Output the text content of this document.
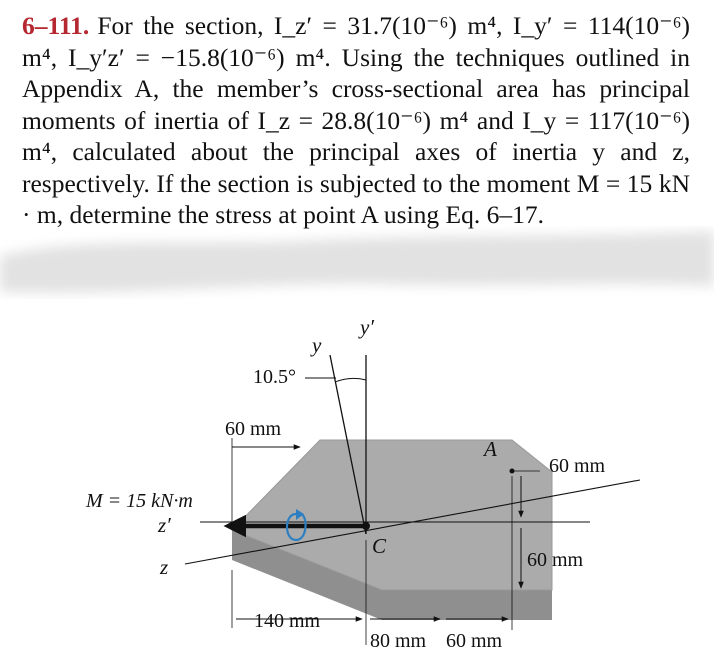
6–111. For the section, I_z′ = 31.7(10⁻⁶) m⁴, I_y′ = 114(10⁻⁶) m⁴, I_y′z′ = −15.8(10⁻⁶) m⁴. Using the techniques outlined in Appendix A, the member’s cross-sectional area has principal moments of inertia of I_z = 28.8(10⁻⁶) m⁴ and I_y = 117(10⁻⁶) m⁴, calculated about the principal axes of inertia y and z, respectively. If the section is subjected to the moment M = 15 kN · m, determine the stress at point A using Eq. 6–17.
y
y′
10.5°
60 mm
A
60 mm
M = 15 kN·m
z′
C
60 mm
z
140 mm
80 mm 60 mm
